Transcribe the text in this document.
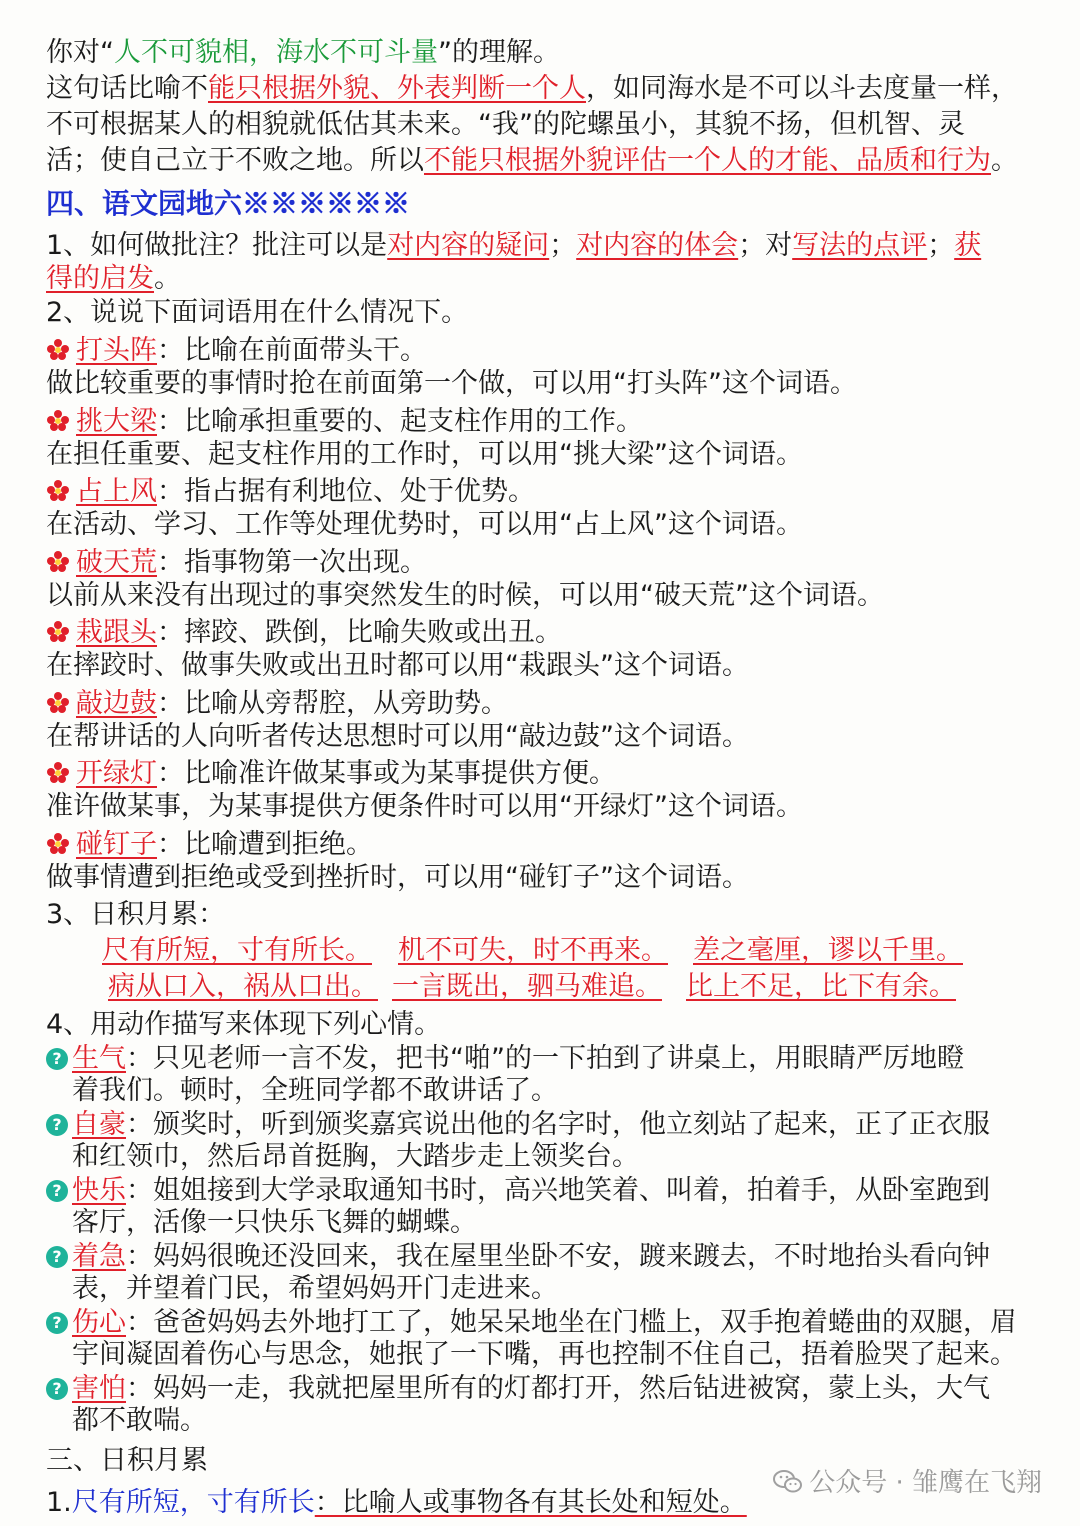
你对“人不可貌相，海水不可斗量”的理解。
这句话比喻不能只根据外貌、外表判断一个人，如同海水是不可以斗去度量一样，
不可根据某人的相貌就低估其未来。“我”的陀螺虽小，其貌不扬，但机智、灵
活；使自己立于不败之地。所以不能只根据外貌评估一个人的才能、品质和行为。
四、语文园地六※※※※※※
1、如何做批注？批注可以是对内容的疑问；对内容的体会；对写法的点评；获
得的启发。
2、说说下面词语用在什么情况下。
打头阵：比喻在前面带头干。
做比较重要的事情时抢在前面第一个做，可以用“打头阵”这个词语。
挑大梁：比喻承担重要的、起支柱作用的工作。
在担任重要、起支柱作用的工作时，可以用“挑大梁”这个词语。
占上风：指占据有利地位、处于优势。
在活动、学习、工作等处理优势时，可以用“占上风”这个词语。
破天荒：指事物第一次出现。
以前从来没有出现过的事突然发生的时候，可以用“破天荒”这个词语。
栽跟头：摔跤、跌倒，比喻失败或出丑。
在摔跤时、做事失败或出丑时都可以用“栽跟头”这个词语。
敲边鼓：比喻从旁帮腔，从旁助势。
在帮讲话的人向听者传达思想时可以用“敲边鼓”这个词语。
开绿灯：比喻准许做某事或为某事提供方便。
准许做某事，为某事提供方便条件时可以用“开绿灯”这个词语。
碰钉子：比喻遭到拒绝。
做事情遭到拒绝或受到挫折时，可以用“碰钉子”这个词语。
3、日积月累：
尺有所短，寸有所长。 机不可失，时不再来。 差之毫厘，谬以千里。
病从口入，祸从口出。 一言既出，驷马难追。 比上不足，比下有余。
4、用动作描写来体现下列心情。
? 生气：只见老师一言不发，把书“啪”的一下拍到了讲桌上，用眼睛严厉地瞪
着我们。顿时，全班同学都不敢讲话了。
? 自豪：颁奖时，听到颁奖嘉宾说出他的名字时，他立刻站了起来，正了正衣服
和红领巾，然后昂首挺胸，大踏步走上领奖台。
? 快乐：姐姐接到大学录取通知书时，高兴地笑着、叫着，拍着手，从卧室跑到
客厅，活像一只快乐飞舞的蝴蝶。
? 着急：妈妈很晚还没回来，我在屋里坐卧不安，踱来踱去，不时地抬头看向钟
表，并望着门民，希望妈妈开门走进来。
? 伤心：爸爸妈妈去外地打工了，她呆呆地坐在门槛上，双手抱着蜷曲的双腿，眉
宇间凝固着伤心与思念，她抿了一下嘴，再也控制不住自己，捂着脸哭了起来。
? 害怕：妈妈一走，我就把屋里所有的灯都打开，然后钻进被窝，蒙上头，大气
都不敢喘。
三、日积月累
1.尺有所短，寸有所长：比喻人或事物各有其长处和短处。
公众号 · 雏鹰在飞翔
